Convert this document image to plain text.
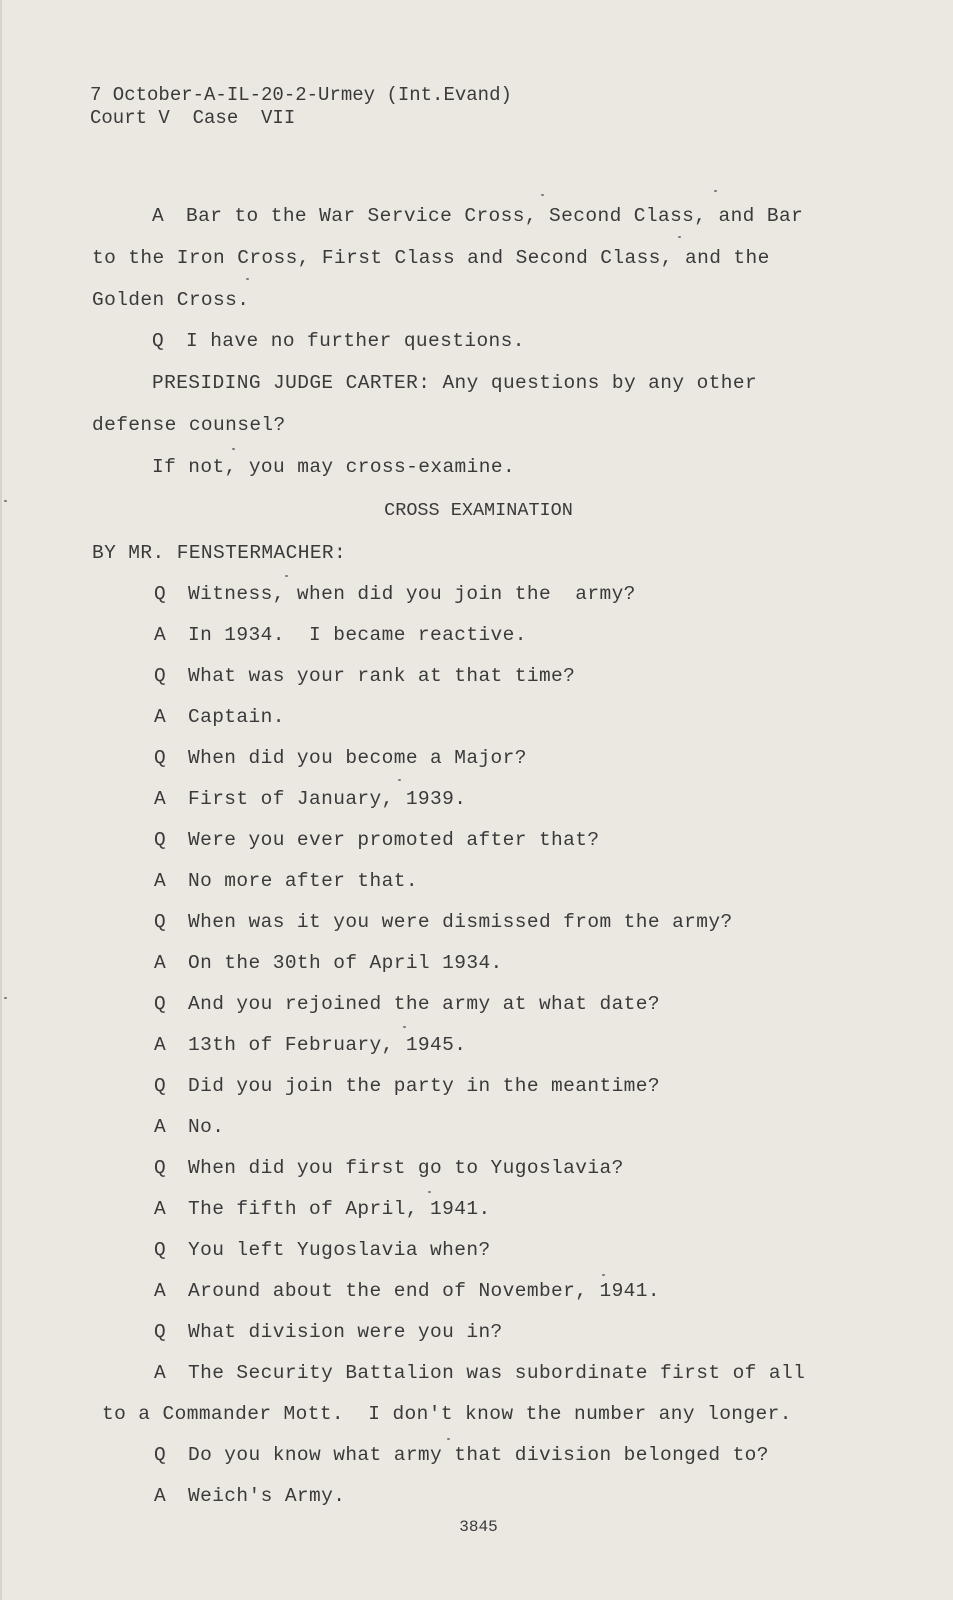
7 October-A-IL-20-2-Urmey (Int.Evand)
Court V  Case  VII
A Bar to the War Service Cross, Second Class, and Bar
to the Iron Cross, First Class and Second Class, and the
Golden Cross.
Q I have no further questions.
PRESIDING JUDGE CARTER: Any questions by any other
defense counsel?
If not, you may cross-examine.
CROSS EXAMINATION
BY MR. FENSTERMACHER:
Q Witness, when did you join the  army?
A In 1934.  I became reactive.
Q What was your rank at that time?
A Captain.
Q When did you become a Major?
A First of January, 1939.
Q Were you ever promoted after that?
A No more after that.
Q When was it you were dismissed from the army?
A On the 30th of April 1934.
Q And you rejoined the army at what date?
A 13th of February, 1945.
Q Did you join the party in the meantime?
A No.
Q When did you first go to Yugoslavia?
A The fifth of April, 1941.
Q You left Yugoslavia when?
A Around about the end of November, 1941.
Q What division were you in?
A The Security Battalion was subordinate first of all
to a Commander Mott.  I don't know the number any longer.
Q Do you know what army that division belonged to?
A Weich's Army.
3845
